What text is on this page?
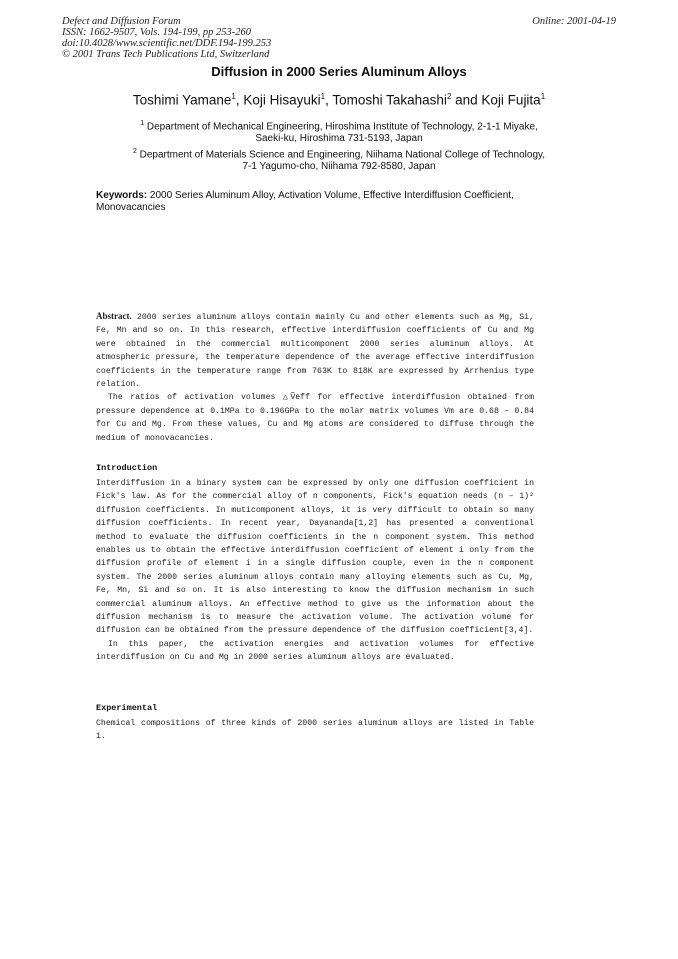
Defect and Diffusion Forum
ISSN: 1662-9507, Vols. 194-199, pp 253-260
doi:10.4028/www.scientific.net/DDF.194-199.253
© 2001 Trans Tech Publications Ltd, Switzerland
Online: 2001-04-19
Diffusion in 2000 Series Aluminum Alloys
Toshimi Yamane$^1$, Koji Hisayuki$^1$, Tomoshi Takahashi$^2$ and Koji Fujita$^1$
$^1$ Department of Mechanical Engineering, Hiroshima Institute of Technology, 2-1-1 Miyake,
Saeki-ku, Hiroshima 731-5193, Japan
$^2$ Department of Materials Science and Engineering, Niihama National College of Technology,
7-1 Yagumo-cho, Niihama 792-8580, Japan
Keywords: 2000 Series Aluminum Alloy, Activation Volume, Effective Interdiffusion Coefficient, Monovacancies

Abstract. 2000 series aluminum alloys contain mainly Cu and other elements such as Mg, Si, Fe, Mn and so on. In this research, effective interdiffusion coefficients of Cu and Mg were obtained in the commercial multicomponent 2000 series aluminum alloys. At atmospheric pressure, the temperature dependence of the average effective interdiffusion coefficients in the temperature range from 763K to 818K are expressed by Arrhenius type relation.

The ratios of activation volumes △Ṽeff for effective interdiffusion obtained from pressure dependence at 0.1MPa to 0.196GPa to the molar matrix volumes Vm are 0.68 – 0.84 for Cu and Mg. From these values, Cu and Mg atoms are considered to diffuse through the medium of monovacancies.

Introduction

Interdiffusion in a binary system can be expressed by only one diffusion coefficient in Fick's law. As for the commercial alloy of n components, Fick's equation needs (n – 1)² diffusion coefficients. In muticomponent alloys, it is very difficult to obtain so many diffusion coefficients. In recent year, Dayananda[1,2] has presented a conventional method to evaluate the diffusion coefficients in the n component system. This method enables us to obtain the effective interdiffusion coefficient of element i only from the diffusion profile of element i in a single diffusion couple, even in the n component system. The 2000 series aluminum alloys contain many alloying elements such as Cu, Mg, Fe, Mn, Si and so on. It is also interesting to know the diffusion mechanism in such commercial aluminum alloys. An effective method to give us the information about the diffusion mechanism is to measure the activation volume. The activation volume for diffusion can be obtained from the pressure dependence of the diffusion coefficient[3,4].

In this paper, the activation energies and activation volumes for effective interdiffusion on Cu and Mg in 2000 series aluminum alloys are evaluated.

Experimental

Chemical compositions of three kinds of 2000 series aluminum alloys are listed in Table 1.
